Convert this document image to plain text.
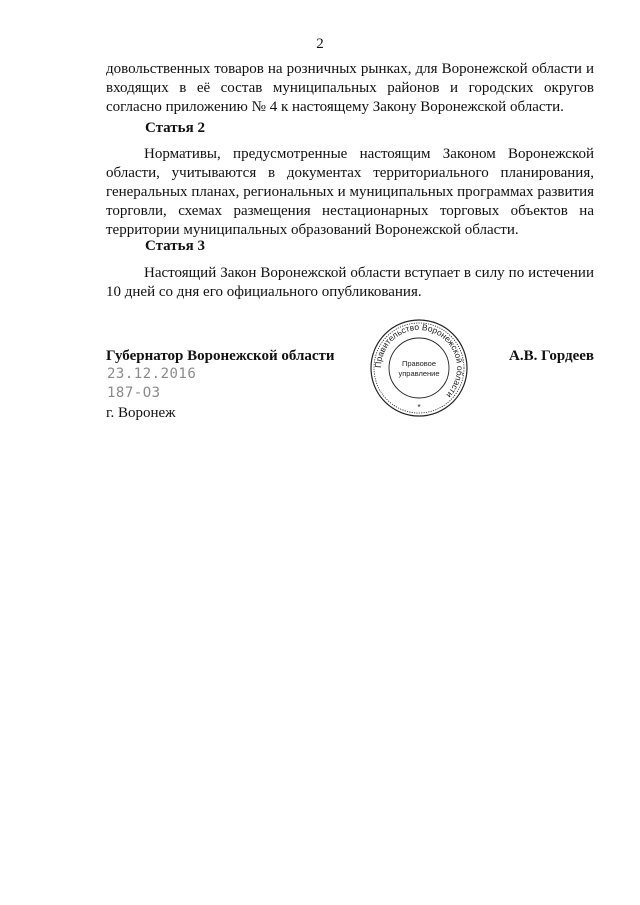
2

довольственных товаров на розничных рынках, для Воронежской области и входящих в её состав муниципальных районов и городских округов согласно приложению № 4 к настоящему Закону Воронежской области.

Статья 2

Нормативы, предусмотренные настоящим Законом Воронежской области, учитываются в документах территориального планирования, генеральных планах, региональных и муниципальных программах развития торговли, схемах размещения нестационарных торговых объектов на территории муниципальных образований Воронежской области.

Статья 3

Настоящий Закон Воронежской области вступает в силу по истечении 10 дней со дня его официального опубликования.

Губернатор Воронежской области	А.В. Гордеев
23.12.2016
187-ОЗ
г. Воронеж
Правительство Воронежской области
Правовое
управление
*
